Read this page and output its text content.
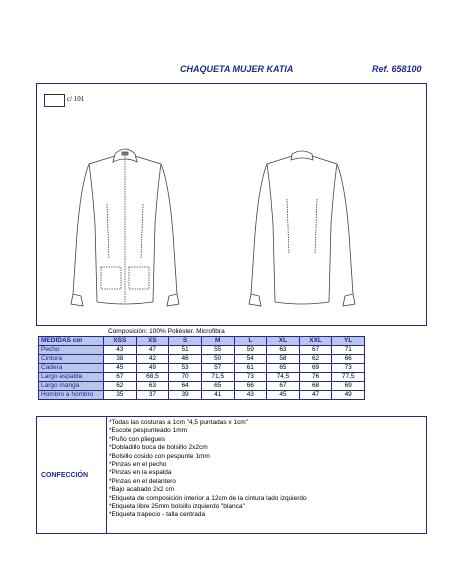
CHAQUETA MUJER KATIA	Ref. 658100
c/ 101
Composición: 100% Poliéster. Microfibra
MEDIDAS cm	XSS	XS	S	M	L	XL	XXL	YL
Pecho	43	47	51	55	59	63	67	71
Cintura	38	42	46	50	54	58	62	66
Cadera	45	49	53	57	61	65	69	73
Largo espalda	67	68,5	70	71,5	73	74,5	76	77,5
Largo manga	62	63	64	65	66	67	68	69
Hombro a hombro	35	37	39	41	43	45	47	49
CONFECCIÓN
*Todas las costuras a 1cm "4,5 puntadas x 1cm"
*Escote pespunteado 1mm
*Puño con pliegues
*Dobladillo boca de bolsillo 2x2cm
*Bolsillo cosido con pespunte 1mm
*Pinzas en el pecho
*Pinzas en la espalda
*Pinzas en el delantero
*Bajo acabado 2x2 cm
*Etiqueta de composición interior a 12cm de la cintura lado izquierdo
*Etiqueta libre 25mm bolsillo izquierdo "blanca"
*Etiqueta trapecio - talla centrada
